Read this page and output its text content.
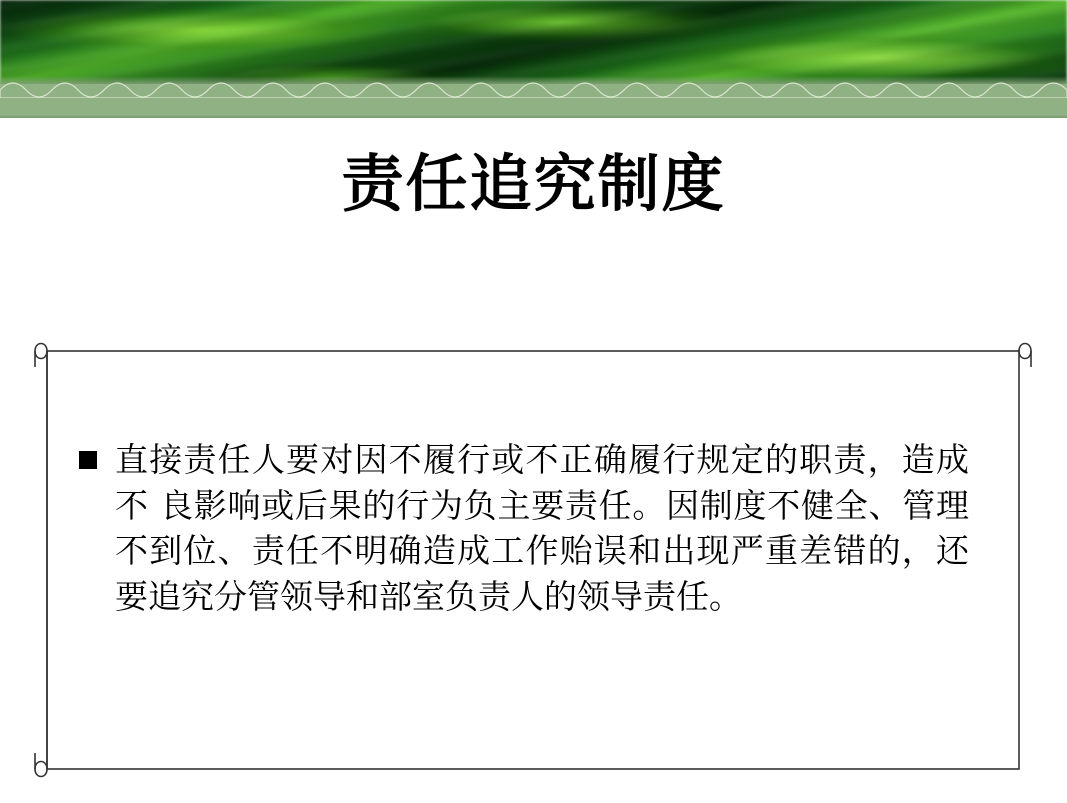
责任追究制度
直接责任人要对因不履行或不正确履行规定的职责，造成不 良影响或后果的行为负主要责任。因制度不健全、管理不到位、责任不明确造成工作贻误和出现严重差错的，还要追究分管领导和部室负责人的领导责任。
